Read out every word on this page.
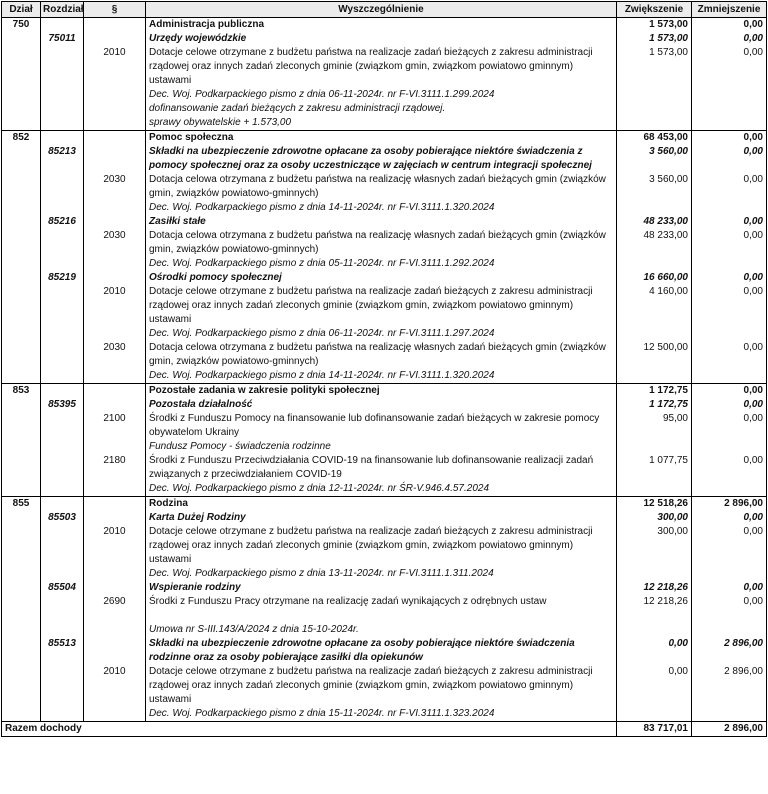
Dział	Rozdział	§	Wyszczególnienie	Zwiększenie	Zmniejszenie
750			Administracja publiczna	1 573,00	0,00
	75011		Urzędy wojewódzkie	1 573,00	0,00
		2010	Dotacje celowe otrzymane z budżetu państwa na realizacje zadań bieżących z zakresu administracji rządowej oraz innych zadań zleconych gminie (związkom gmin, związkom powiatowo gminnym) ustawami	1 573,00	0,00
			Dec. Woj. Podkarpackiego pismo z dnia 06-11-2024r. nr F-VI.3111.1.299.2024		
			dofinansowanie zadań bieżących z zakresu administracji rządowej.		
			sprawy obywatelskie + 1.573,00		
852			Pomoc społeczna	68 453,00	0,00
	85213		Składki na ubezpieczenie zdrowotne opłacane za osoby pobierające niektóre świadczenia z pomocy społecznej oraz za osoby uczestniczące w zajęciach w centrum integracji społecznej	3 560,00	0,00
		2030	Dotacja celowa otrzymana z budżetu państwa na realizację własnych zadań bieżących gmin (związków gmin, związków powiatowo-gminnych)	3 560,00	0,00
			Dec. Woj. Podkarpackiego pismo z dnia 14-11-2024r. nr F-VI.3111.1.320.2024		
	85216		Zasiłki stałe	48 233,00	0,00
		2030	Dotacja celowa otrzymana z budżetu państwa na realizację własnych zadań bieżących gmin (związków gmin, związków powiatowo-gminnych)	48 233,00	0,00
			Dec. Woj. Podkarpackiego pismo z dnia 05-11-2024r. nr F-VI.3111.1.292.2024		
	85219		Ośrodki pomocy społecznej	16 660,00	0,00
		2010	Dotacje celowe otrzymane z budżetu państwa na realizacje zadań bieżących z zakresu administracji rządowej oraz innych zadań zleconych gminie (związkom gmin, związkom powiatowo gminnym) ustawami	4 160,00	0,00
			Dec. Woj. Podkarpackiego pismo z dnia 06-11-2024r. nr F-VI.3111.1.297.2024		
		2030	Dotacja celowa otrzymana z budżetu państwa na realizację własnych zadań bieżących gmin (związków gmin, związków powiatowo-gminnych)	12 500,00	0,00
			Dec. Woj. Podkarpackiego pismo z dnia 14-11-2024r. nr F-VI.3111.1.320.2024		
853			Pozostałe zadania w zakresie polityki społecznej	1 172,75	0,00
	85395		Pozostała działalność	1 172,75	0,00
		2100	Środki z Funduszu Pomocy na finansowanie lub dofinansowanie zadań bieżących w zakresie pomocy obywatelom Ukrainy	95,00	0,00
			Fundusz Pomocy - świadczenia rodzinne		
		2180	Środki z Funduszu Przeciwdziałania COVID-19 na finansowanie lub dofinansowanie realizacji zadań związanych z przeciwdziałaniem COVID-19	1 077,75	0,00
			Dec. Woj. Podkarpackiego pismo z dnia 12-11-2024r. nr ŚR-V.946.4.57.2024		
855			Rodzina	12 518,26	2 896,00
	85503		Karta Dużej Rodziny	300,00	0,00
		2010	Dotacje celowe otrzymane z budżetu państwa na realizacje zadań bieżących z zakresu administracji rządowej oraz innych zadań zleconych gminie (związkom gmin, związkom powiatowo gminnym) ustawami	300,00	0,00
			Dec. Woj. Podkarpackiego pismo z dnia 13-11-2024r. nr F-VI.3111.1.311.2024		
	85504		Wspieranie rodziny	12 218,26	0,00
		2690	Środki z Funduszu Pracy otrzymane na realizację zadań wynikających z odrębnych ustaw	12 218,26	0,00

			Umowa nr S-III.143/A/2024 z dnia 15-10-2024r.		
	85513		Składki na ubezpieczenie zdrowotne opłacane za osoby pobierające niektóre świadczenia rodzinne oraz za osoby pobierające zasiłki dla opiekunów	0,00	2 896,00
		2010	Dotacje celowe otrzymane z budżetu państwa na realizacje zadań bieżących z zakresu administracji rządowej oraz innych zadań zleconych gminie (związkom gmin, związkom powiatowo gminnym) ustawami	0,00	2 896,00
			Dec. Woj. Podkarpackiego pismo z dnia 15-11-2024r. nr F-VI.3111.1.323.2024		
Razem dochody				83 717,01	2 896,00
